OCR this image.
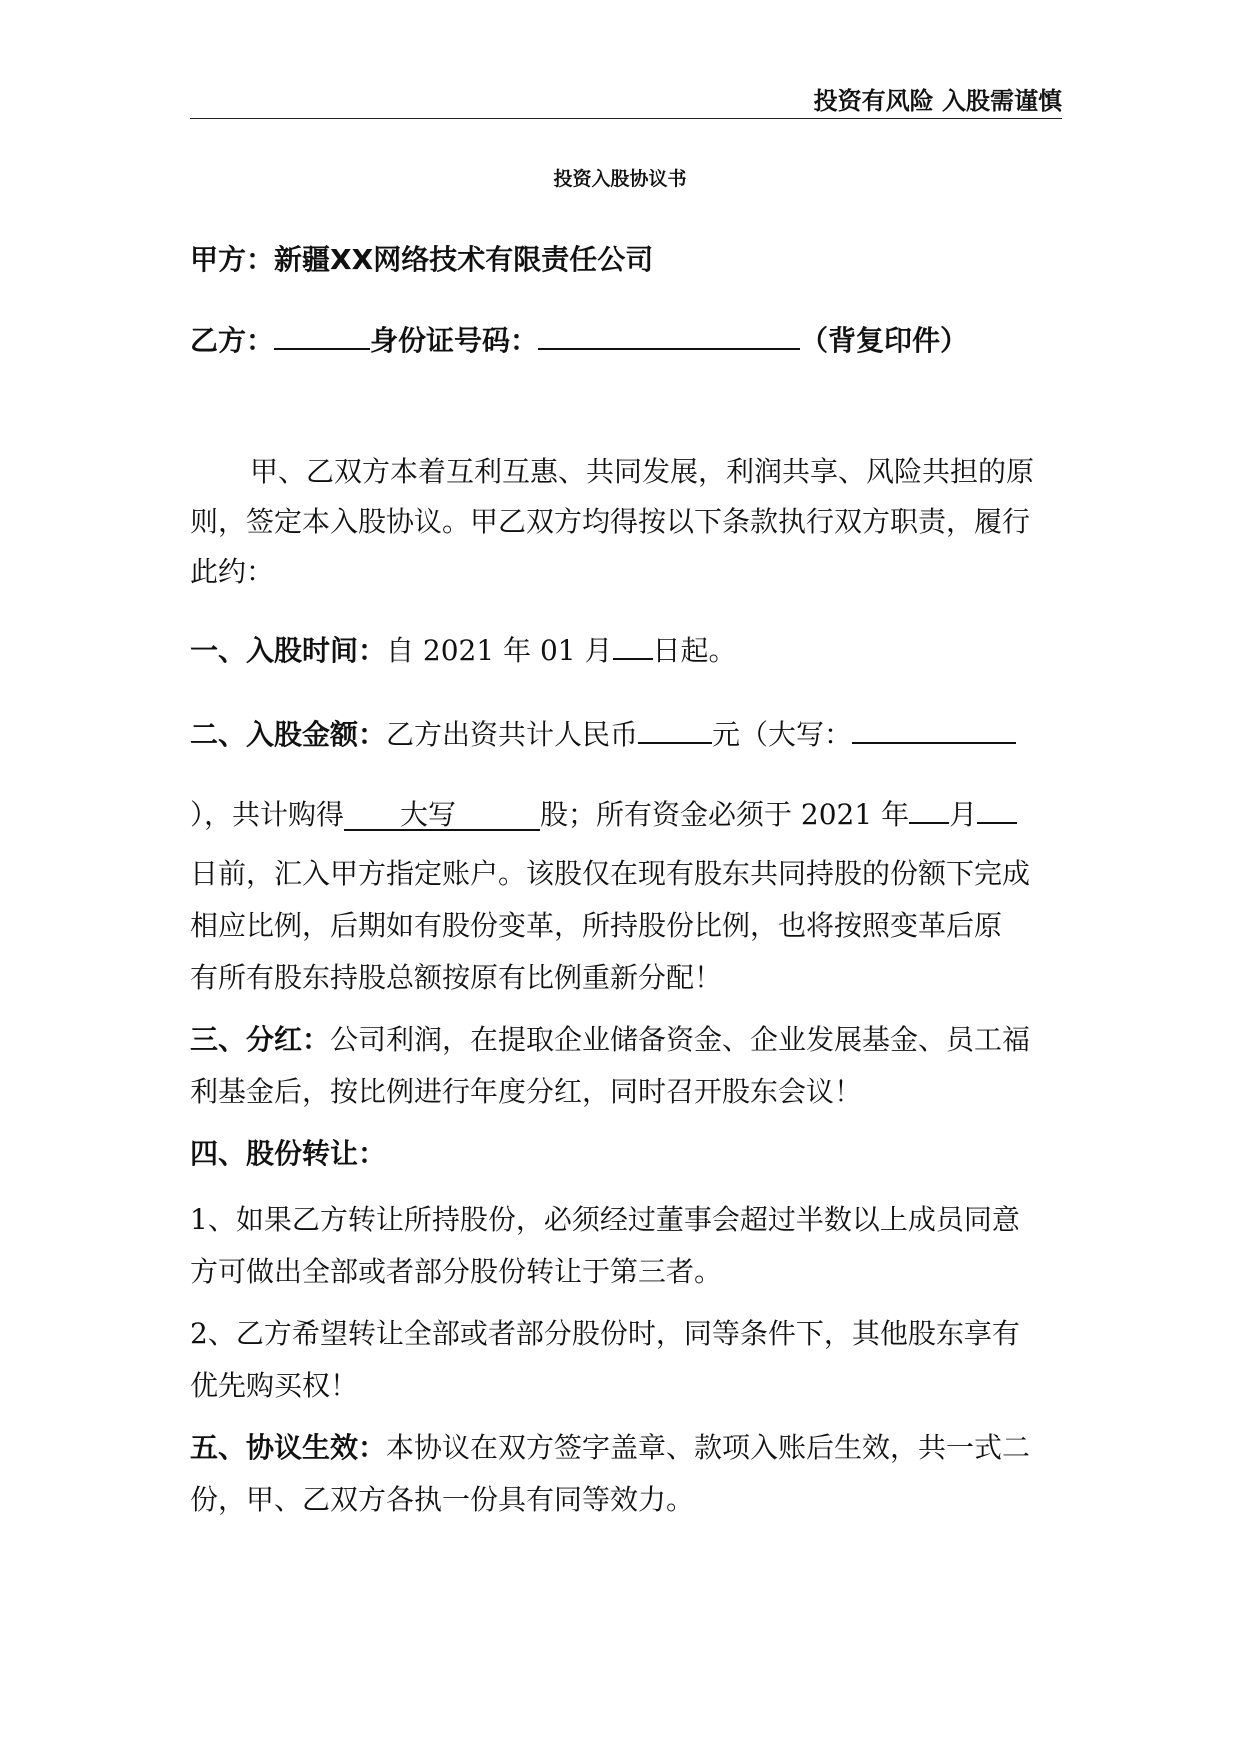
投资有风险 入股需谨慎
投资入股协议书
甲方：新疆XX网络技术有限责任公司
乙方：	身份证号码：	（背复印件）
甲、乙双方本着互利互惠、共同发展，利润共享、风险共担的原
则，签定本入股协议。甲乙双方均得按以下条款执行双方职责，履行
此约：
一、入股时间：自 2021 年 01 月 日起。
二、入股金额：乙方出资共计人民币	元（大写：
），共计购得 大写	股；所有资金必须于 2021 年 月
日前，汇入甲方指定账户。该股仅在现有股东共同持股的份额下完成
相应比例，后期如有股份变革，所持股份比例，也将按照变革后原
有所有股东持股总额按原有比例重新分配！
三、分红：公司利润，在提取企业储备资金、企业发展基金、员工福
利基金后，按比例进行年度分红，同时召开股东会议！
四、股份转让：
1、如果乙方转让所持股份，必须经过董事会超过半数以上成员同意
方可做出全部或者部分股份转让于第三者。
2、乙方希望转让全部或者部分股份时，同等条件下，其他股东享有
优先购买权！
五、协议生效：本协议在双方签字盖章、款项入账后生效，共一式二
份，甲、乙双方各执一份具有同等效力。
